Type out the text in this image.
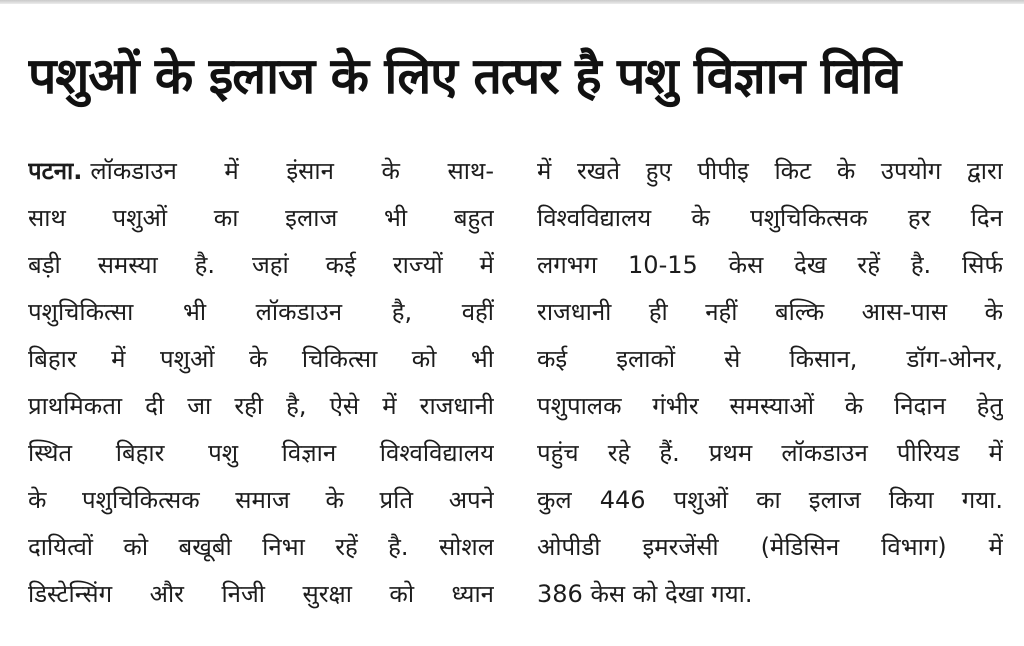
पशुओं के इलाज के लिए तत्पर है पशु विज्ञान विवि
पटना. लॉकडाउन में इंसान के साथ-
साथ पशुओं का इलाज भी बहुत
बड़ी समस्या है. जहां कई राज्यों में
पशुचिकित्सा भी लॉकडाउन है, वहीं
बिहार में पशुओं के चिकित्सा को भी
प्राथमिकता दी जा रही है, ऐसे में राजधानी
स्थित बिहार पशु विज्ञान विश्वविद्यालय
के पशुचिकित्सक समाज के प्रति अपने
दायित्वों को बखूबी निभा रहें है. सोशल
डिस्टेन्सिंग और निजी सुरक्षा को ध्यान
में रखते हुए पीपीइ किट के उपयोग द्वारा
विश्वविद्यालय के पशुचिकित्सक हर दिन
लगभग 10-15 केस देख रहें है. सिर्फ
राजधानी ही नहीं बल्कि आस-पास के
कई इलाकों से किसान, डॉग-ओनर,
पशुपालक गंभीर समस्याओं के निदान हेतु
पहुंच रहे हैं. प्रथम लॉकडाउन पीरियड में
कुल 446 पशुओं का इलाज किया गया.
ओपीडी इमरजेंसी (मेडिसिन विभाग) में
386 केस को देखा गया.
